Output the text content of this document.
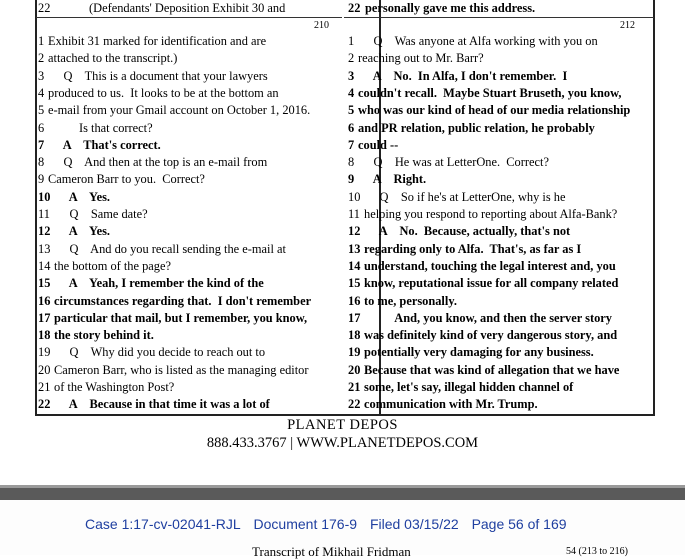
22	(Defendants' Deposition Exhibit 30 and
210
1 Exhibit 31 marked for identification and are
2 attached to the transcript.)
3 Q    This is a document that your lawyers
4 produced to us.  It looks to be at the bottom an
5 e-mail from your Gmail account on October 1, 2016.
6 Is that correct?
7 A    That's correct.
8 Q    And then at the top is an e-mail from
9 Cameron Barr to you.  Correct?
10 A    Yes.
11 Q    Same date?
12 A    Yes.
13 Q    And do you recall sending the e-mail at
14 the bottom of the page?
15 A    Yeah, I remember the kind of the
16 circumstances regarding that.  I don't remember
17 particular that mail, but I remember, you know,
18 the story behind it.
19 Q    Why did you decide to reach out to
20 Cameron Barr, who is listed as the managing editor
21 of the Washington Post?
22 A    Because in that time it was a lot of
22 personally gave me this address.
212
1 Q    Was anyone at Alfa working with you on
2 reaching out to Mr. Barr?
3 A    No.  In Alfa, I don't remember.  I
4 couldn't recall.  Maybe Stuart Bruseth, you know,
5 who was our kind of head of our media relationship
6 and PR relation, public relation, he probably
7 could --
8 Q    He was at LetterOne.  Correct?
9 A    Right.
10 Q    So if he's at LetterOne, why is he
11 helping you respond to reporting about Alfa-Bank?
12 A    No.  Because, actually, that's not
13 regarding only to Alfa.  That's, as far as I
14 understand, touching the legal interest and, you
15 know, reputational issue for all company related
16 to me, personally.
17 And, you know, and then the server story
18 was definitely kind of very dangerous story, and
19 potentially very damaging for any business.
20 Because that was kind of allegation that we have
21 some, let's say, illegal hidden channel of
22 communication with Mr. Trump.
PLANET DEPOS
888.433.3767 | WWW.PLANETDEPOS.COM
Case 1:17-cv-02041-RJL Document 176-9 Filed 03/15/22 Page 56 of 169
Transcript of Mikhail Fridman	54 (213 to 216)
